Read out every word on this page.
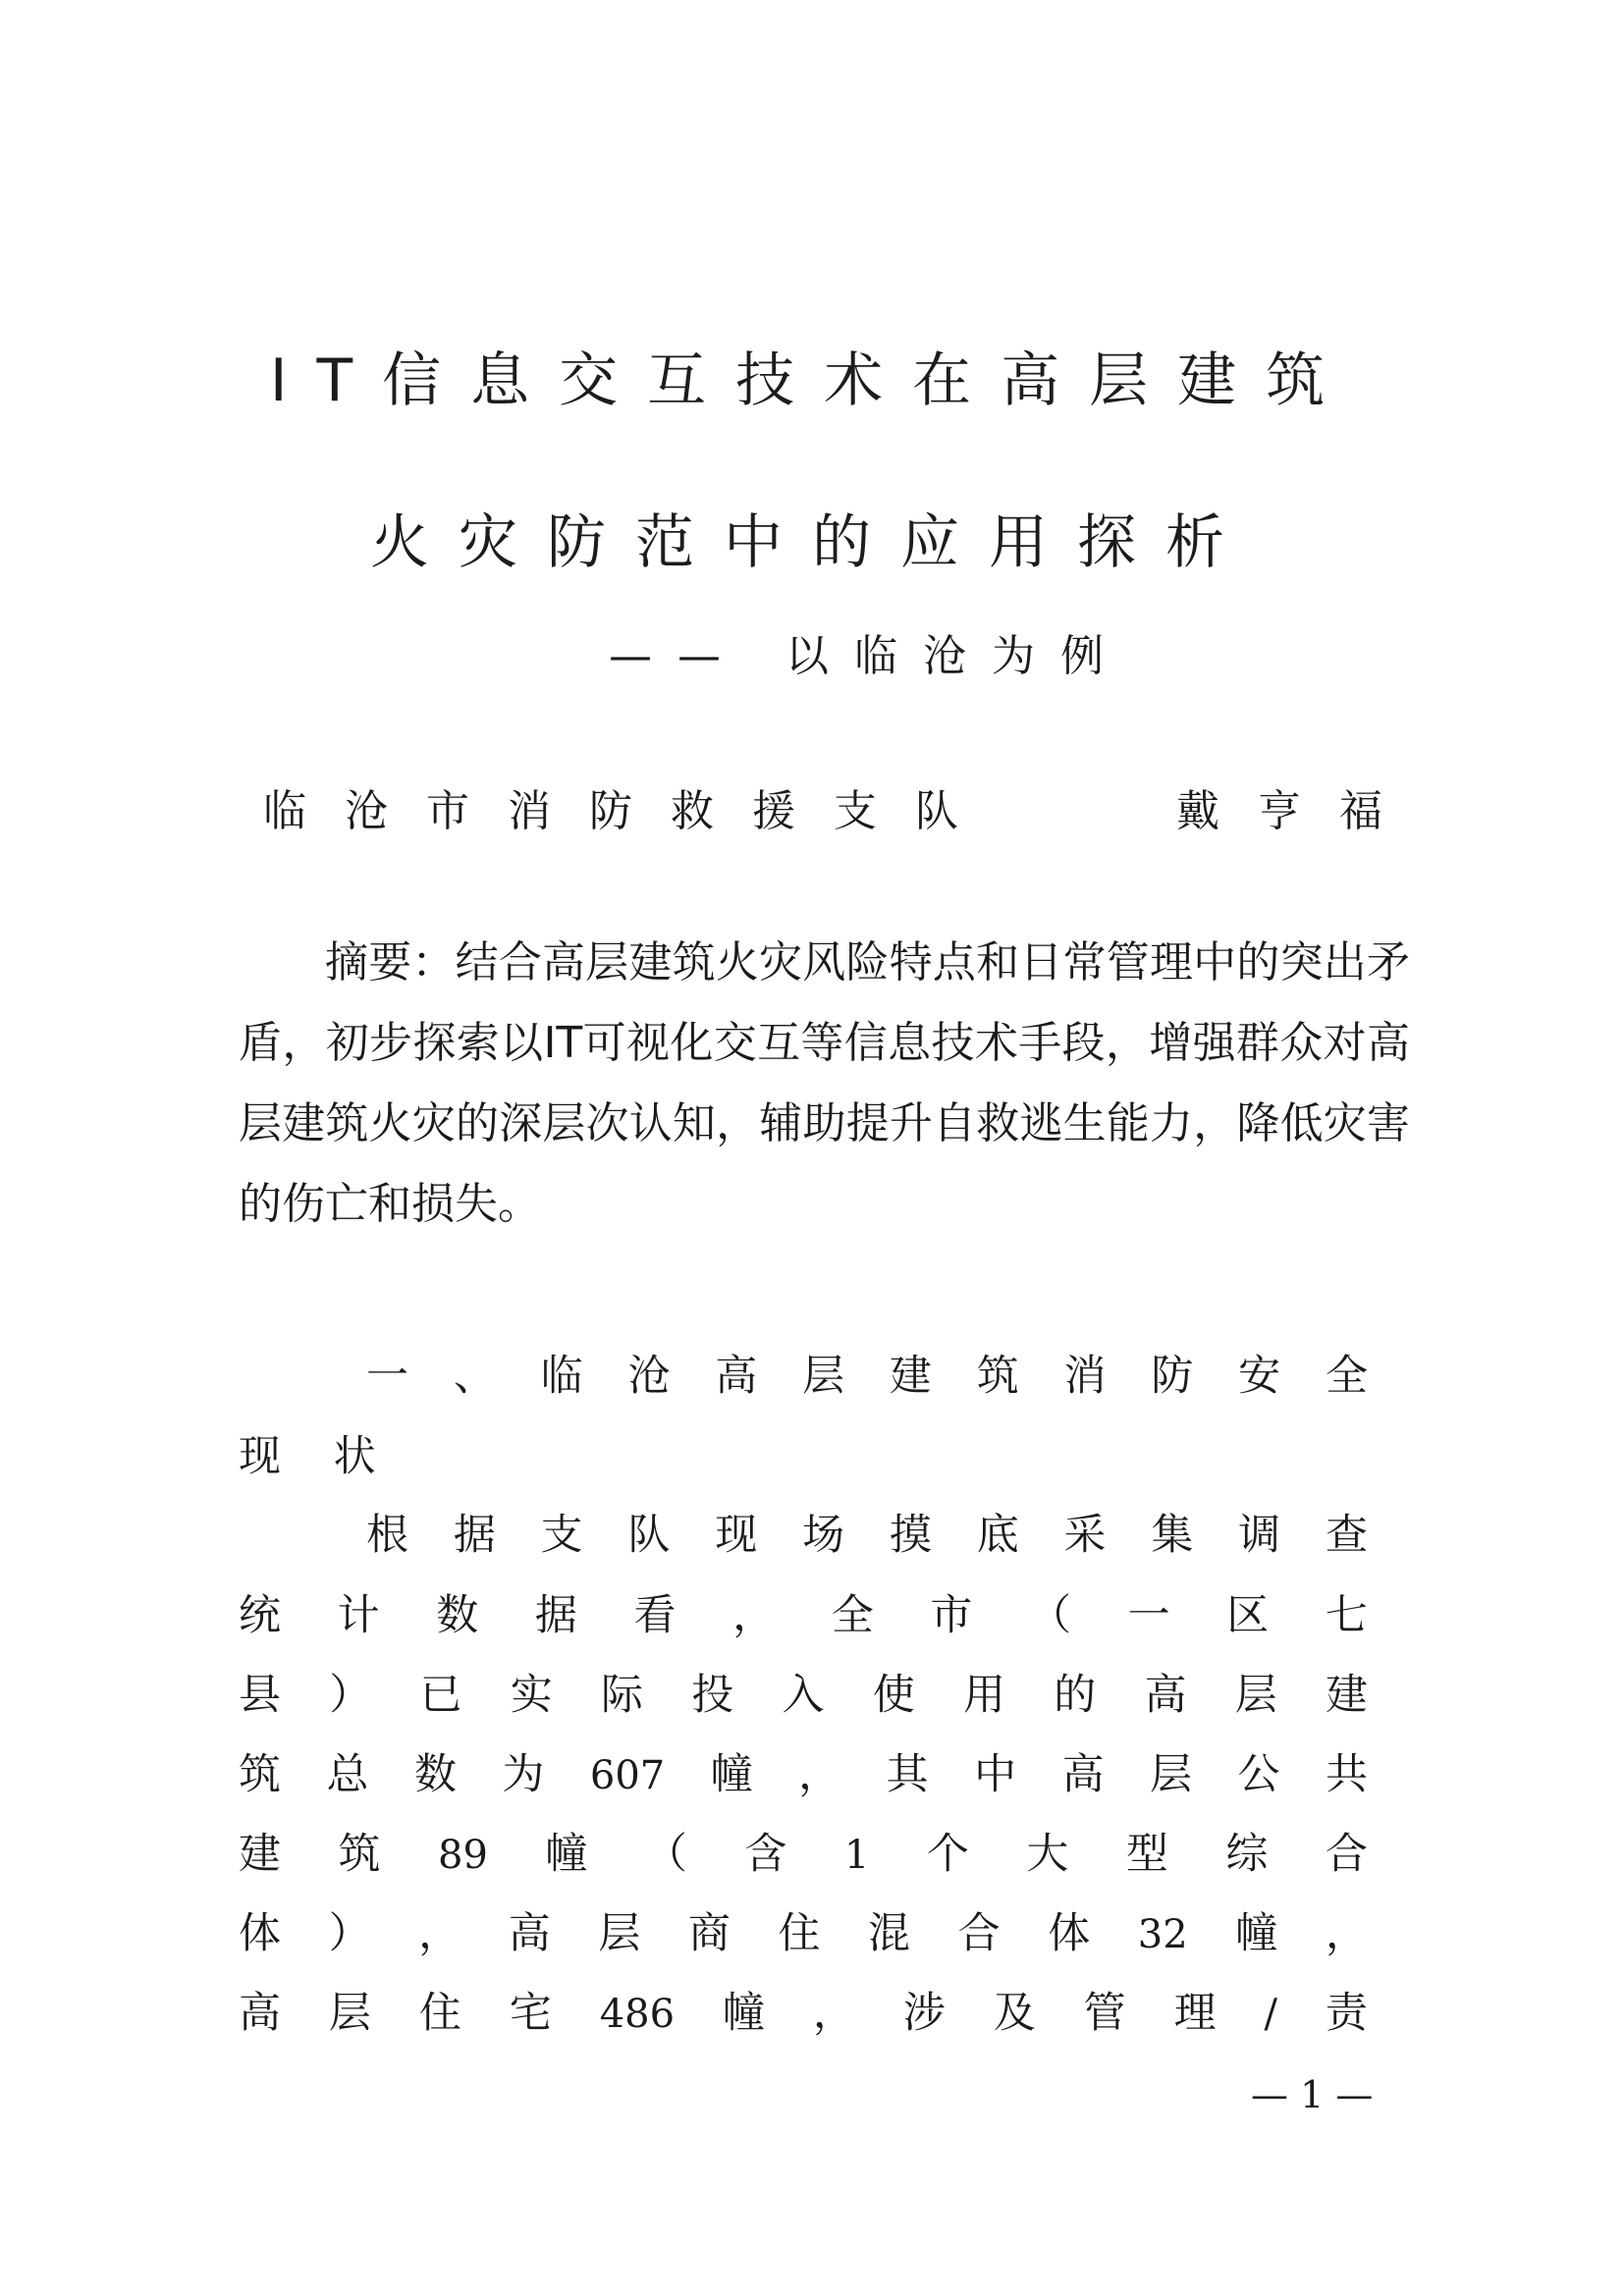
IT信息交互技术在高层建筑
火灾防范中的应用探析
—— 以临沧为例
临沧市消防救援支队	戴亨福
摘要：结合高层建筑火灾风险特点和日常管理中的突出矛盾，初步探索以IT可视化交互等信息技术手段，增强群众对高层建筑火灾的深层次认知，辅助提升自救逃生能力，降低灾害的伤亡和损失。
一 、 临 沧 高 层 建 筑 消 防 安 全
现 状
根 据 支 队 现 场 摸 底 采 集 调 查
统 计 数 据 看 ， 全 市 （ 一 区 七
县 ） 已 实 际 投 入 使 用 的 高 层 建
筑 总 数 为 607 幢 ， 其 中 高 层 公 共
建 筑 89 幢 （ 含 1 个 大 型 综 合
体 ） ， 高 层 商 住 混 合 体 32 幢 ，
高 层 住 宅 486 幢 ， 涉 及 管 理 / 责
— 1 —
